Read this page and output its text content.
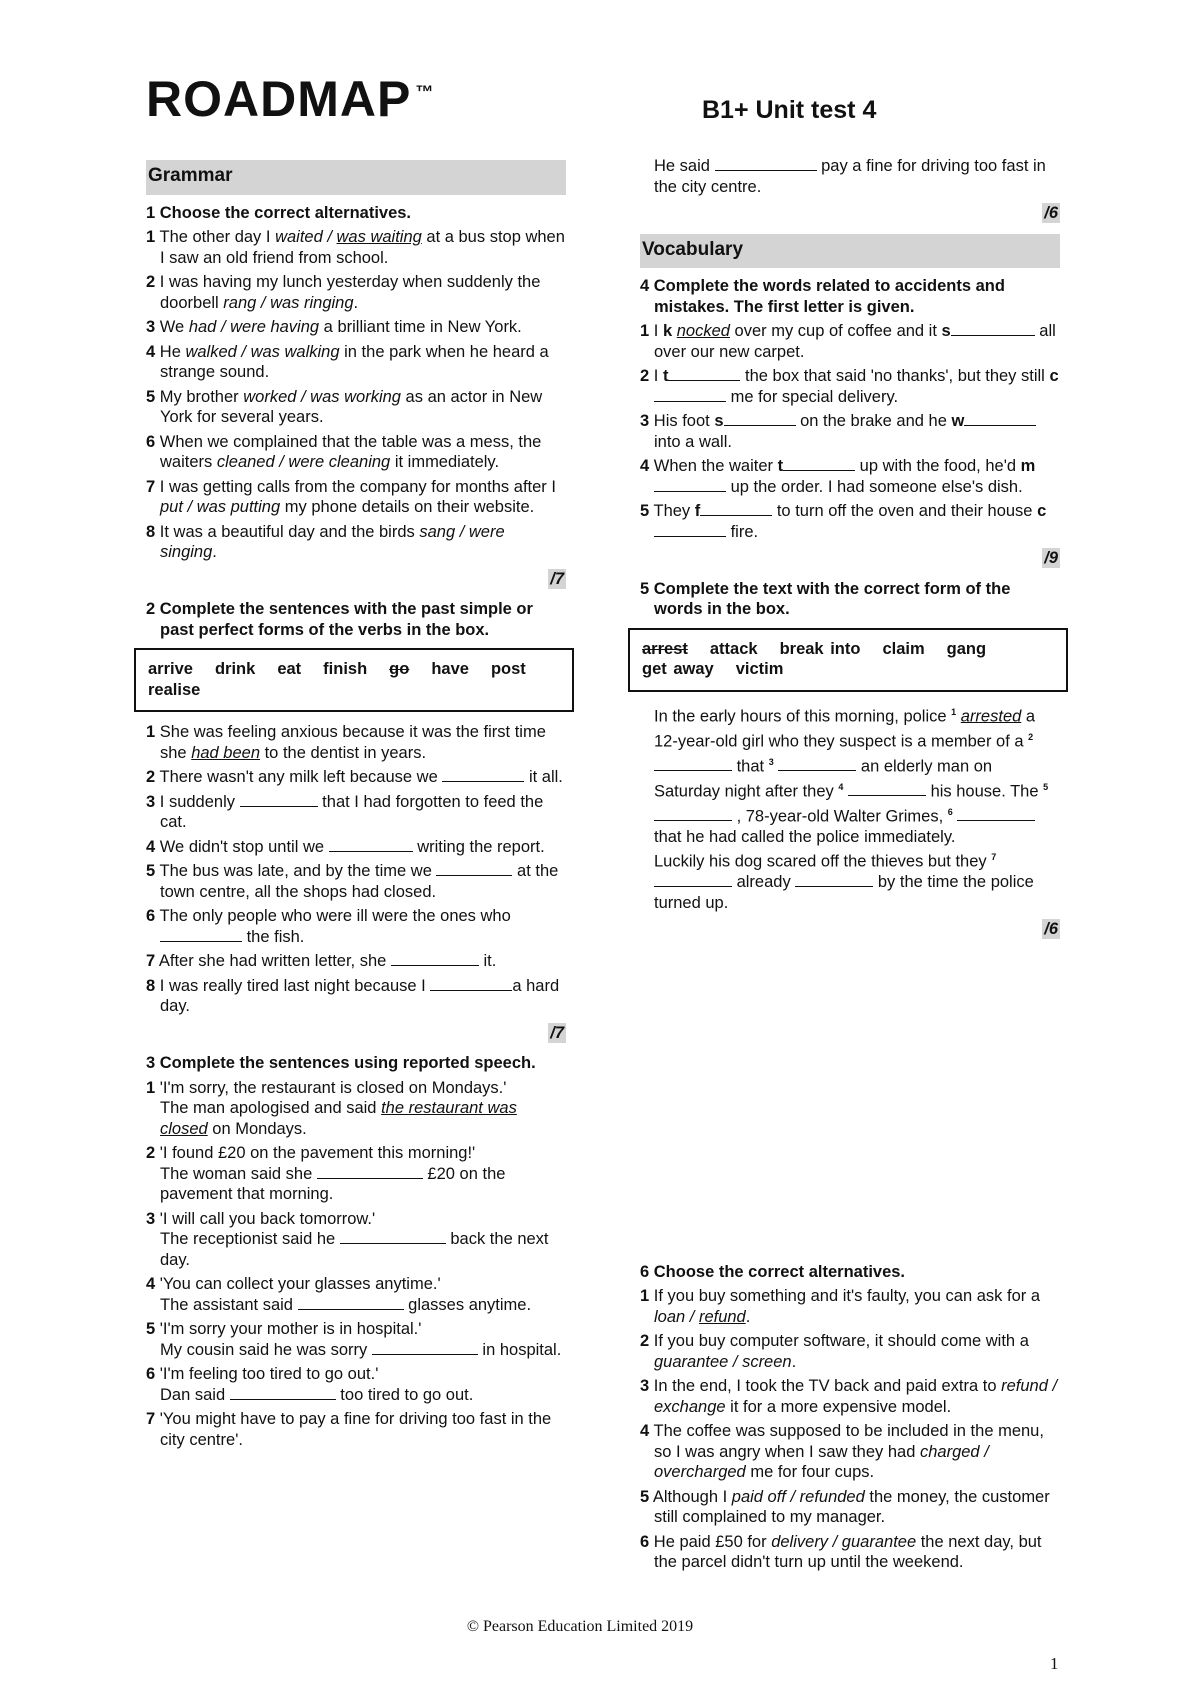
ROADMAP ™
B1+ Unit test 4
Grammar
1 Choose the correct alternatives.
1 The other day I waited / was waiting at a bus stop when I saw an old friend from school.
2 I was having my lunch yesterday when suddenly the doorbell rang / was ringing.
3 We had / were having a brilliant time in New York.
4 He walked / was walking in the park when he heard a strange sound.
5 My brother worked / was working as an actor in New York for several years.
6 When we complained that the table was a mess, the waiters cleaned / were cleaning it immediately.
7 I was getting calls from the company for months after I put / was putting my phone details on their website.
8 It was a beautiful day and the birds sang / were singing.
/7
2 Complete the sentences with the past simple or past perfect forms of the verbs in the box.
arrive drink eat finish go have postrealise
1 She was feeling anxious because it was the first time she had been to the dentist in years.
2 There wasn't any milk left because we	it all.
3 I suddenly	that I had forgotten to feed the cat.
4 We didn't stop until we	writing the report.
5 The bus was late, and by the time we	at the town centre, all the shops had closed.
6 The only people who were ill were the ones who  the fish.
7 After she had written letter, she	it.
8 I was really tired last night because I	a hard day.
/7
3 Complete the sentences using reported speech.
1 'I'm sorry, the restaurant is closed on Mondays.'
The man apologised and said the restaurant was closed on Mondays.
2 'I found £20 on the pavement this morning!'
The woman said she	£20 on the pavement that morning.
3 'I will call you back tomorrow.'
The receptionist said he	back the next day.
4 'You can collect your glasses anytime.'
The assistant said	glasses anytime.
5 'I'm sorry your mother is in hospital.'
My cousin said he was sorry	in hospital.
6 'I'm feeling too tired to go out.'
Dan said	too tired to go out.
7 'You might have to pay a fine for driving too fast in the city centre'.
He said	pay a fine for driving too fast in the city centre.
/6
Vocabulary
4 Complete the words related to accidents and mistakes. The first letter is given.
1 I k nocked over my cup of coffee and it s	all over our new carpet.
2 I t	the box that said 'no thanks', but they still c me for special delivery.
3 His foot s	on the brake and he w into a wall.
4 When the waiter t	up with the food, he'd m up the order. I had someone else's dish.
5 They f	to turn off the oven and their house c fire.
/9
5 Complete the text with the correct form of the words in the box.
arrest attack break into claim gangget away victim
In the early hours of this morning, police $^1$ arrested a 12-year-old girl who they suspect is a member of a $^2$  that $^3$	an elderly man on Saturday night after they $^4$	his house. The $^5$  , 78-year-old Walter Grimes, $^6$  that he had called the police immediately.
Luckily his dog scared off the thieves but they $^7$  already	by the time the police turned up.
/6
6 Choose the correct alternatives.
1 If you buy something and it's faulty, you can ask for a loan / refund.
2 If you buy computer software, it should come with a guarantee / screen.
3 In the end, I took the TV back and paid extra to refund / exchange it for a more expensive model.
4 The coffee was supposed to be included in the menu, so I was angry when I saw they had charged / overcharged me for four cups.
5 Although I paid off / refunded the money, the customer still complained to my manager.
6 He paid £50 for delivery / guarantee the next day, but the parcel didn't turn up until the weekend.
© Pearson Education Limited 2019
1
